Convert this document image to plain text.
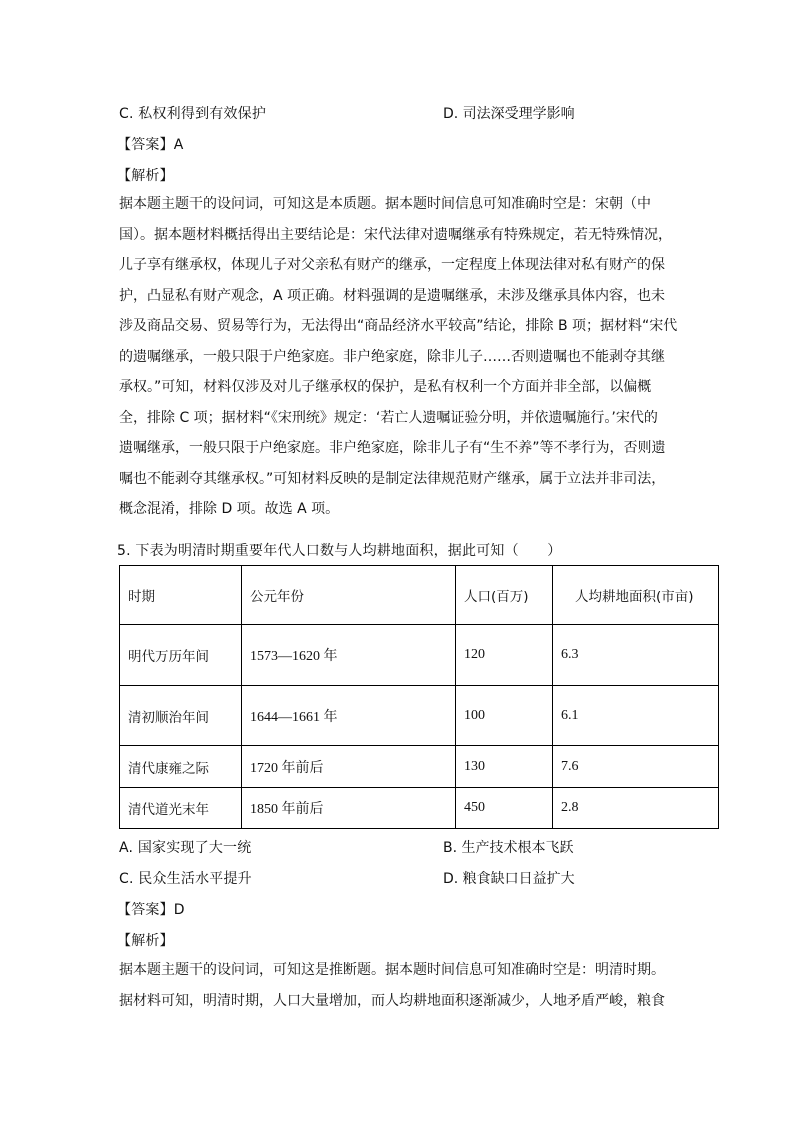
C. 私权利得到有效保护	D. 司法深受理学影响
【答案】A
【解析】
据本题主题干的设问词，可知这是本质题。据本题时间信息可知准确时空是：宋朝（中
国）。据本题材料概括得出主要结论是：宋代法律对遗嘱继承有特殊规定，若无特殊情况，
儿子享有继承权，体现儿子对父亲私有财产的继承，一定程度上体现法律对私有财产的保
护，凸显私有财产观念，A 项正确。材料强调的是遗嘱继承，未涉及继承具体内容，也未
涉及商品交易、贸易等行为，无法得出“商品经济水平较高”结论，排除 B 项；据材料“宋代
的遗嘱继承，一般只限于户绝家庭。非户绝家庭，除非儿子……否则遗嘱也不能剥夺其继
承权。”可知，材料仅涉及对儿子继承权的保护，是私有权利一个方面并非全部，以偏概
全，排除 C 项；据材料“《宋刑统》规定：‘若亡人遗嘱证验分明，并依遗嘱施行。’宋代的
遗嘱继承，一般只限于户绝家庭。非户绝家庭，除非儿子有“生不养”等不孝行为，否则遗
嘱也不能剥夺其继承权。”可知材料反映的是制定法律规范财产继承，属于立法并非司法，
概念混淆，排除 D 项。故选 A 项。
5. 下表为明清时期重要年代人口数与人均耕地面积，据此可知（　　）
时期	公元年份	人口(百万)	人均耕地面积(市亩)
明代万历年间	1573—1620 年	120	6.3
清初顺治年间	1644—1661 年	100	6.1
清代康雍之际	1720 年前后	130	7.6
清代道光末年	1850 年前后	450	2.8
A. 国家实现了大一统	B. 生产技术根本飞跃
C. 民众生活水平提升	D. 粮食缺口日益扩大
【答案】D
【解析】
据本题主题干的设问词，可知这是推断题。据本题时间信息可知准确时空是：明清时期。
据材料可知，明清时期，人口大量增加，而人均耕地面积逐渐减少，人地矛盾严峻，粮食
